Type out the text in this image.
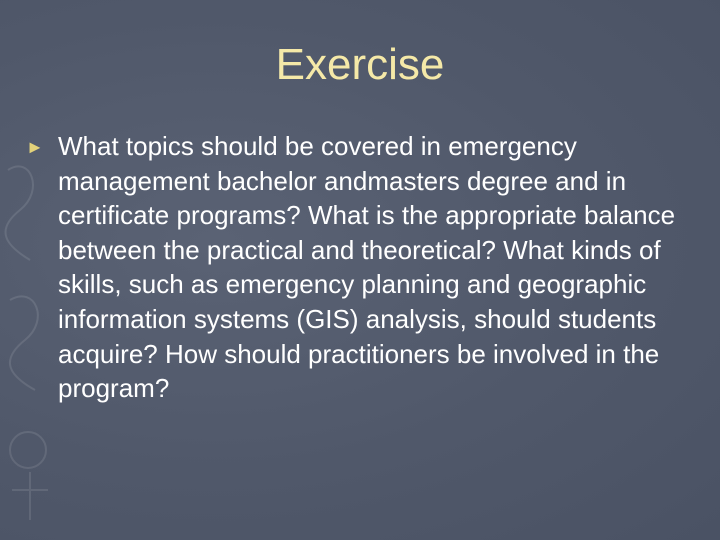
Exercise
► What topics should be covered in emergency management bachelor andmasters degree and in certificate programs? What is the appropriate balance between the practical and theoretical? What kinds of skills, such as emergency planning and geographic information systems (GIS) analysis, should students acquire? How should practitioners be involved in the program?
